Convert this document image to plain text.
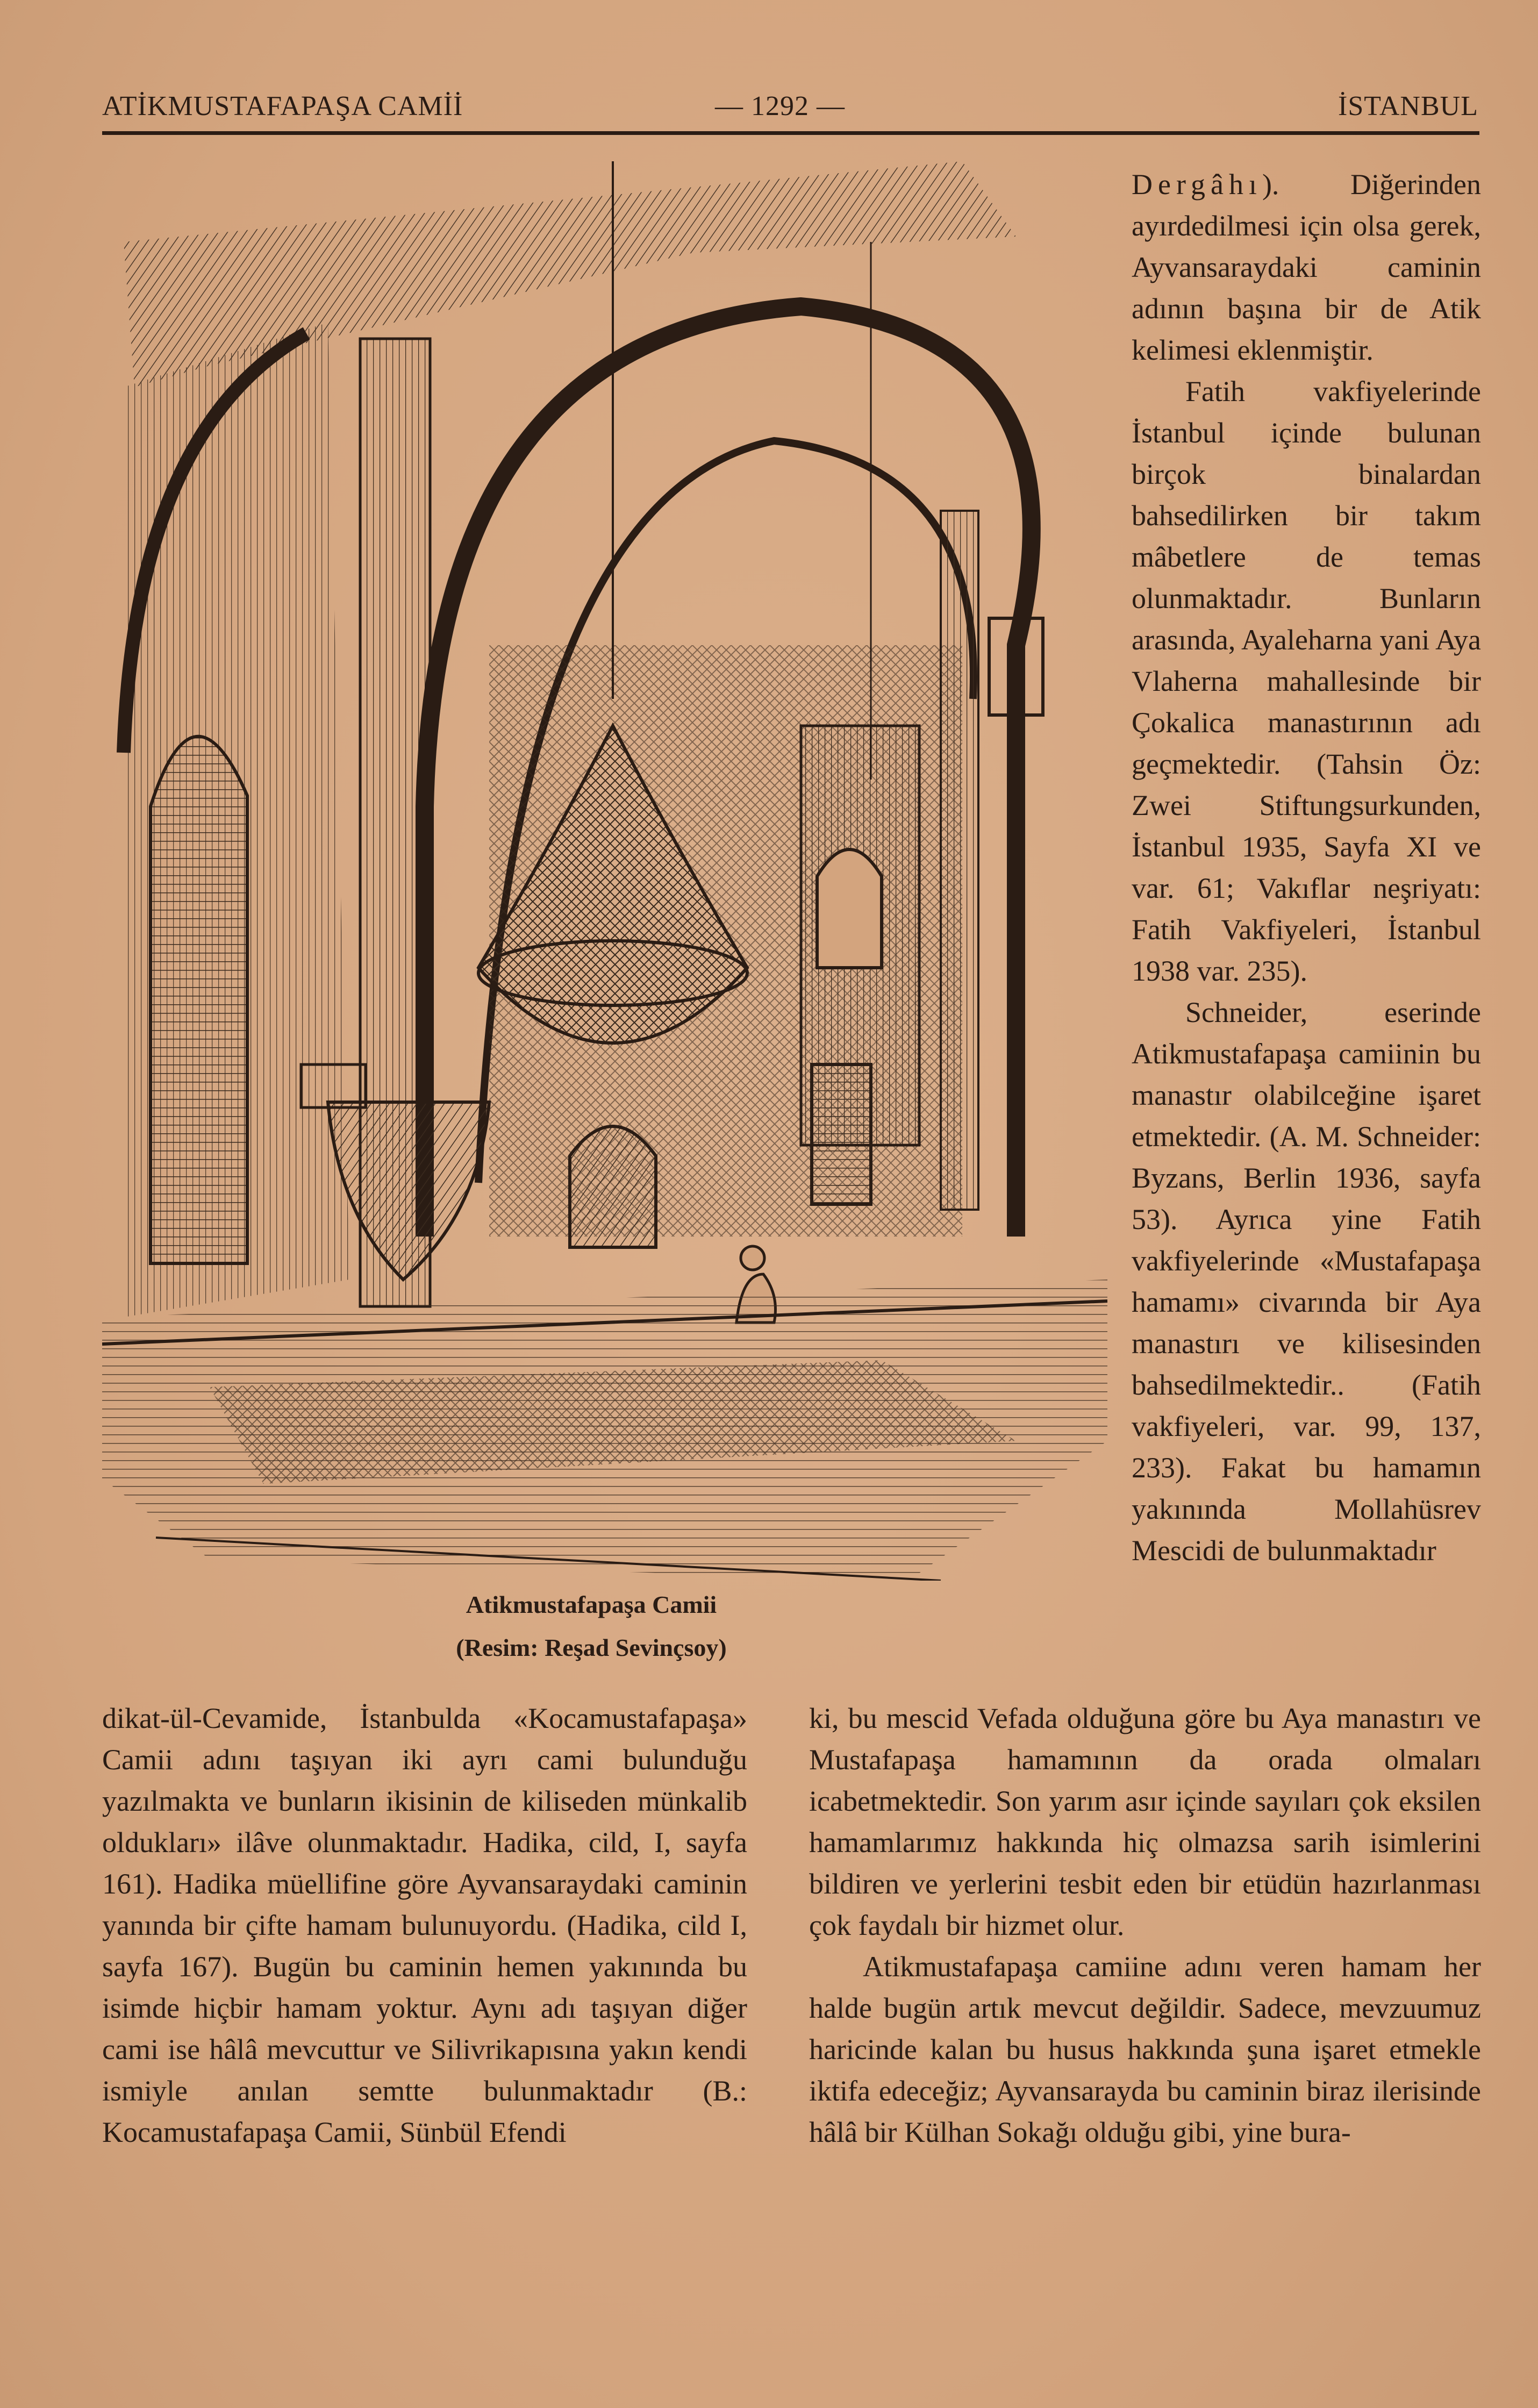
ATİKMUSTAFAPAŞA CAMİİ	— 1292 —	İSTANBUL
Atikmustafapaşa Camii
(Resim: Reşad Sevinçsoy)

Dergâhı). Diğerinden ayırdedilmesi için olsa gerek, Ayvansaraydaki caminin adının başına bir de Atik kelimesi eklenmiştir.

Fatih vakfiyelerinde İstanbul içinde bulunan birçok binalardan bahsedilirken bir takım mâbetlere de temas olunmaktadır. Bunların arasında, Ayaleharna yani Aya Vlaherna mahallesinde bir Çokalica manastırının adı geçmektedir. (Tahsin Öz: Zwei Stiftungsurkunden, İstanbul 1935, Sayfa XI ve var. 61; Vakıflar neşriyatı: Fatih Vakfiyeleri, İstanbul 1938 var. 235).

Schneider, eserinde Atikmustafapaşa camiinin bu manastır olabilceğine işaret etmektedir. (A. M. Schneider: Byzans, Berlin 1936, sayfa 53). Ayrıca yine Fatih vakfiyelerinde «Mustafapaşa hamamı» civarında bir Aya manastırı ve kilisesinden bahsedilmektedir.. (Fatih vakfiyeleri, var. 99, 137, 233). Fakat bu hamamın yakınında Mollahüsrev Mescidi de bulunmaktadır

ki, bu mescid Vefada olduğuna göre bu Aya manastırı ve Mustafapaşa hamamının da orada olmaları icabetmektedir. Son yarım asır içinde sayıları çok eksilen hamamlarımız hakkında hiç olmazsa sarih isimlerini bildiren ve yerlerini tesbit eden bir etüdün hazırlanması çok faydalı bir hizmet olur.

Atikmustafapaşa camiine adını veren hamam her halde bugün artık mevcut değildir. Sadece, mevzuumuz haricinde kalan bu husus hakkında şuna işaret etmekle iktifa edeceğiz; Ayvansarayda bu caminin biraz ilerisinde hâlâ bir Külhan Sokağı olduğu gibi, yine bura-

dikat-ül-Cevamide, İstanbulda «Kocamustafapaşa» Camii adını taşıyan iki ayrı cami bulunduğu yazılmakta ve bunların ikisinin de kiliseden münkalib oldukları» ilâve olunmaktadır. Hadika, cild, I, sayfa 161). Hadika müellifine göre Ayvansaraydaki caminin yanında bir çifte hamam bulunuyordu. (Hadika, cild I, sayfa 167). Bugün bu caminin hemen yakınında bu isimde hiçbir hamam yoktur. Aynı adı taşıyan diğer cami ise hâlâ mevcuttur ve Silivrikapısına yakın kendi ismiyle anılan semtte bulunmaktadır (B.: Kocamustafapaşa Camii, Sünbül Efendi
